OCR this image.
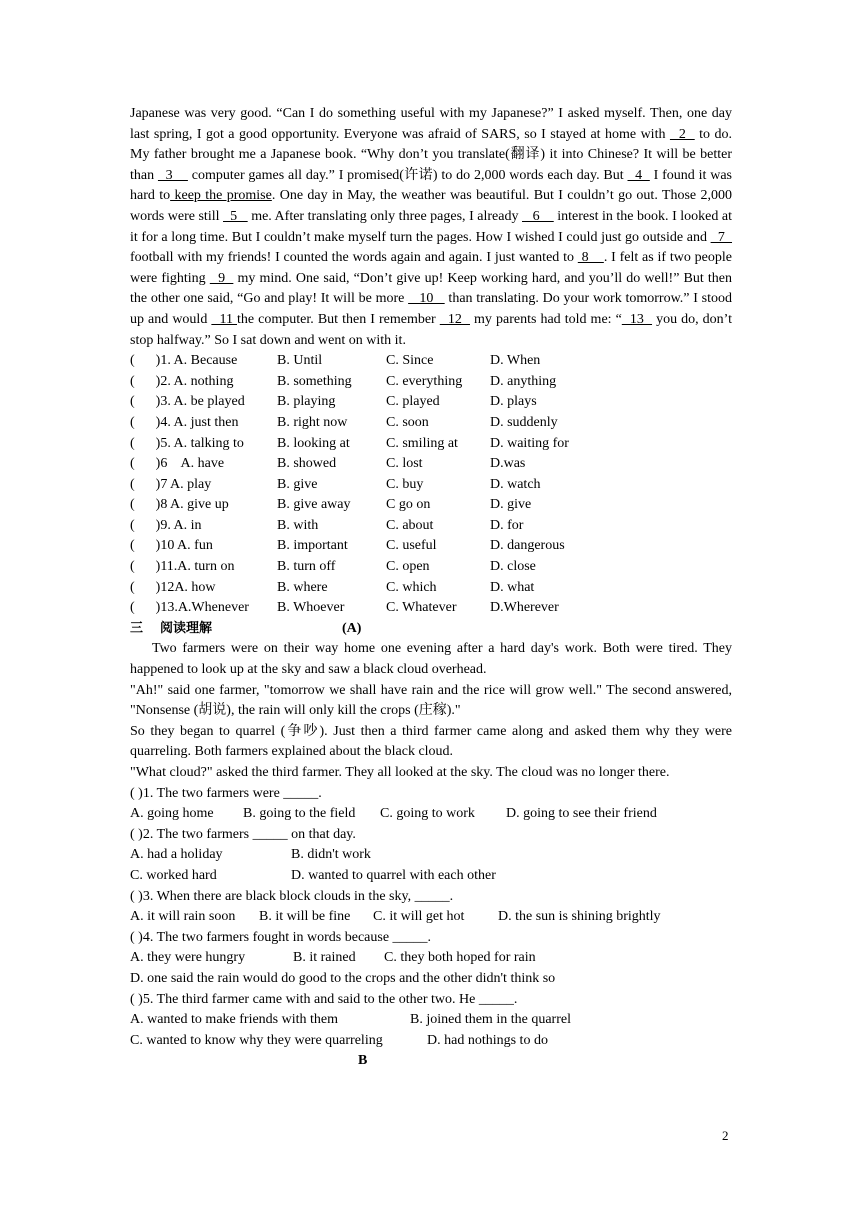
Japanese was very good. “Can I do something useful with my Japanese?” I asked myself. Then, one day last spring, I got a good opportunity. Everyone was afraid of SARS, so I stayed at home with   2   to do. My father brought me a Japanese book. “Why don’t you translate(翻译) it into Chinese? It will be better than   3     computer games all day.” I promised(许诺) to do 2,000 words each day. But   4   I found it was hard to keep the promise. One day in May, the weather was beautiful. But I couldn’t go out. Those 2,000 words were still   5    me. After translating only three pages, I already    6     interest in the book. I looked at it for a long time. But I couldn’t make myself turn the pages. How I wished I could just go outside and   7   football with my friends! I counted the words again and again. I just wanted to  8    . I felt as if two people were fighting   9   my mind. One said, “Don’t give up! Keep working hard, and you’ll do well!” But then the other one said, “Go and play! It will be more    10    than translating. Do your work tomorrow.” I stood up and would   11 the computer. But then I remember   12   my parents had told me: “  13   you do, don’t stop halfway.” So I sat down and went on with it.
(      )1. A. Because	B. Until	C. Since	D. When
(      )2. A. nothing	B. something	C. everything	D. anything
(      )3. A. be played	B. playing	C. played	D. plays
(      )4. A. just then	B. right now	C. soon	D. suddenly
(      )5. A. talking to	B. looking at	C. smiling at	D. waiting for
(      )6    A. have	B. showed	C. lost	D.was
(      )7 A. play	B. give	C. buy	D. watch
(      )8 A. give up	B. give away	C go on	D. give
(      )9. A. in	B. with	C. about	D. for
(      )10 A. fun	B. important	C. useful	D. dangerous
(      )11.A. turn on	B. turn off	C. open	D. close
(      )12A. how	B. where	C. which	D. what
(      )13.A.Whenever	B. Whoever	C. Whatever	D.Wherever
三	阅读理解	(A)
Two farmers were on their way home one evening after a hard day's work. Both were tired. They happened to look up at the sky and saw a black cloud overhead.
"Ah!" said one farmer, "tomorrow we shall have rain and the rice will grow well." The second answered, "Nonsense (胡说), the rain will only kill the crops (庄稼)."
So they began to quarrel (争吵). Just then a third farmer came along and asked them why they were quarreling. Both farmers explained about the black cloud.
"What cloud?" asked the third farmer. They all looked at the sky. The cloud was no longer there.
( )1. The two farmers were _____.
A. going home	B. going to the field	C. going to work	D. going to see their friend
( )2. The two farmers _____ on that day.
A. had a holiday	B. didn't work
C. worked hard	D. wanted to quarrel with each other
( )3. When there are black block clouds in the sky, _____.
A. it will rain soon	B. it will be fine	C. it will get hot	D. the sun is shining brightly
( )4. The two farmers fought in words because _____.
A. they were hungry	B. it rained	C. they both hoped for rain
D. one said the rain would do good to the crops and the other didn't think so
( )5. The third farmer came with and said to the other two. He _____.
A. wanted to make friends with them	B. joined them in the quarrel
C. wanted to know why they were quarreling	D. had nothings to do
B
2
